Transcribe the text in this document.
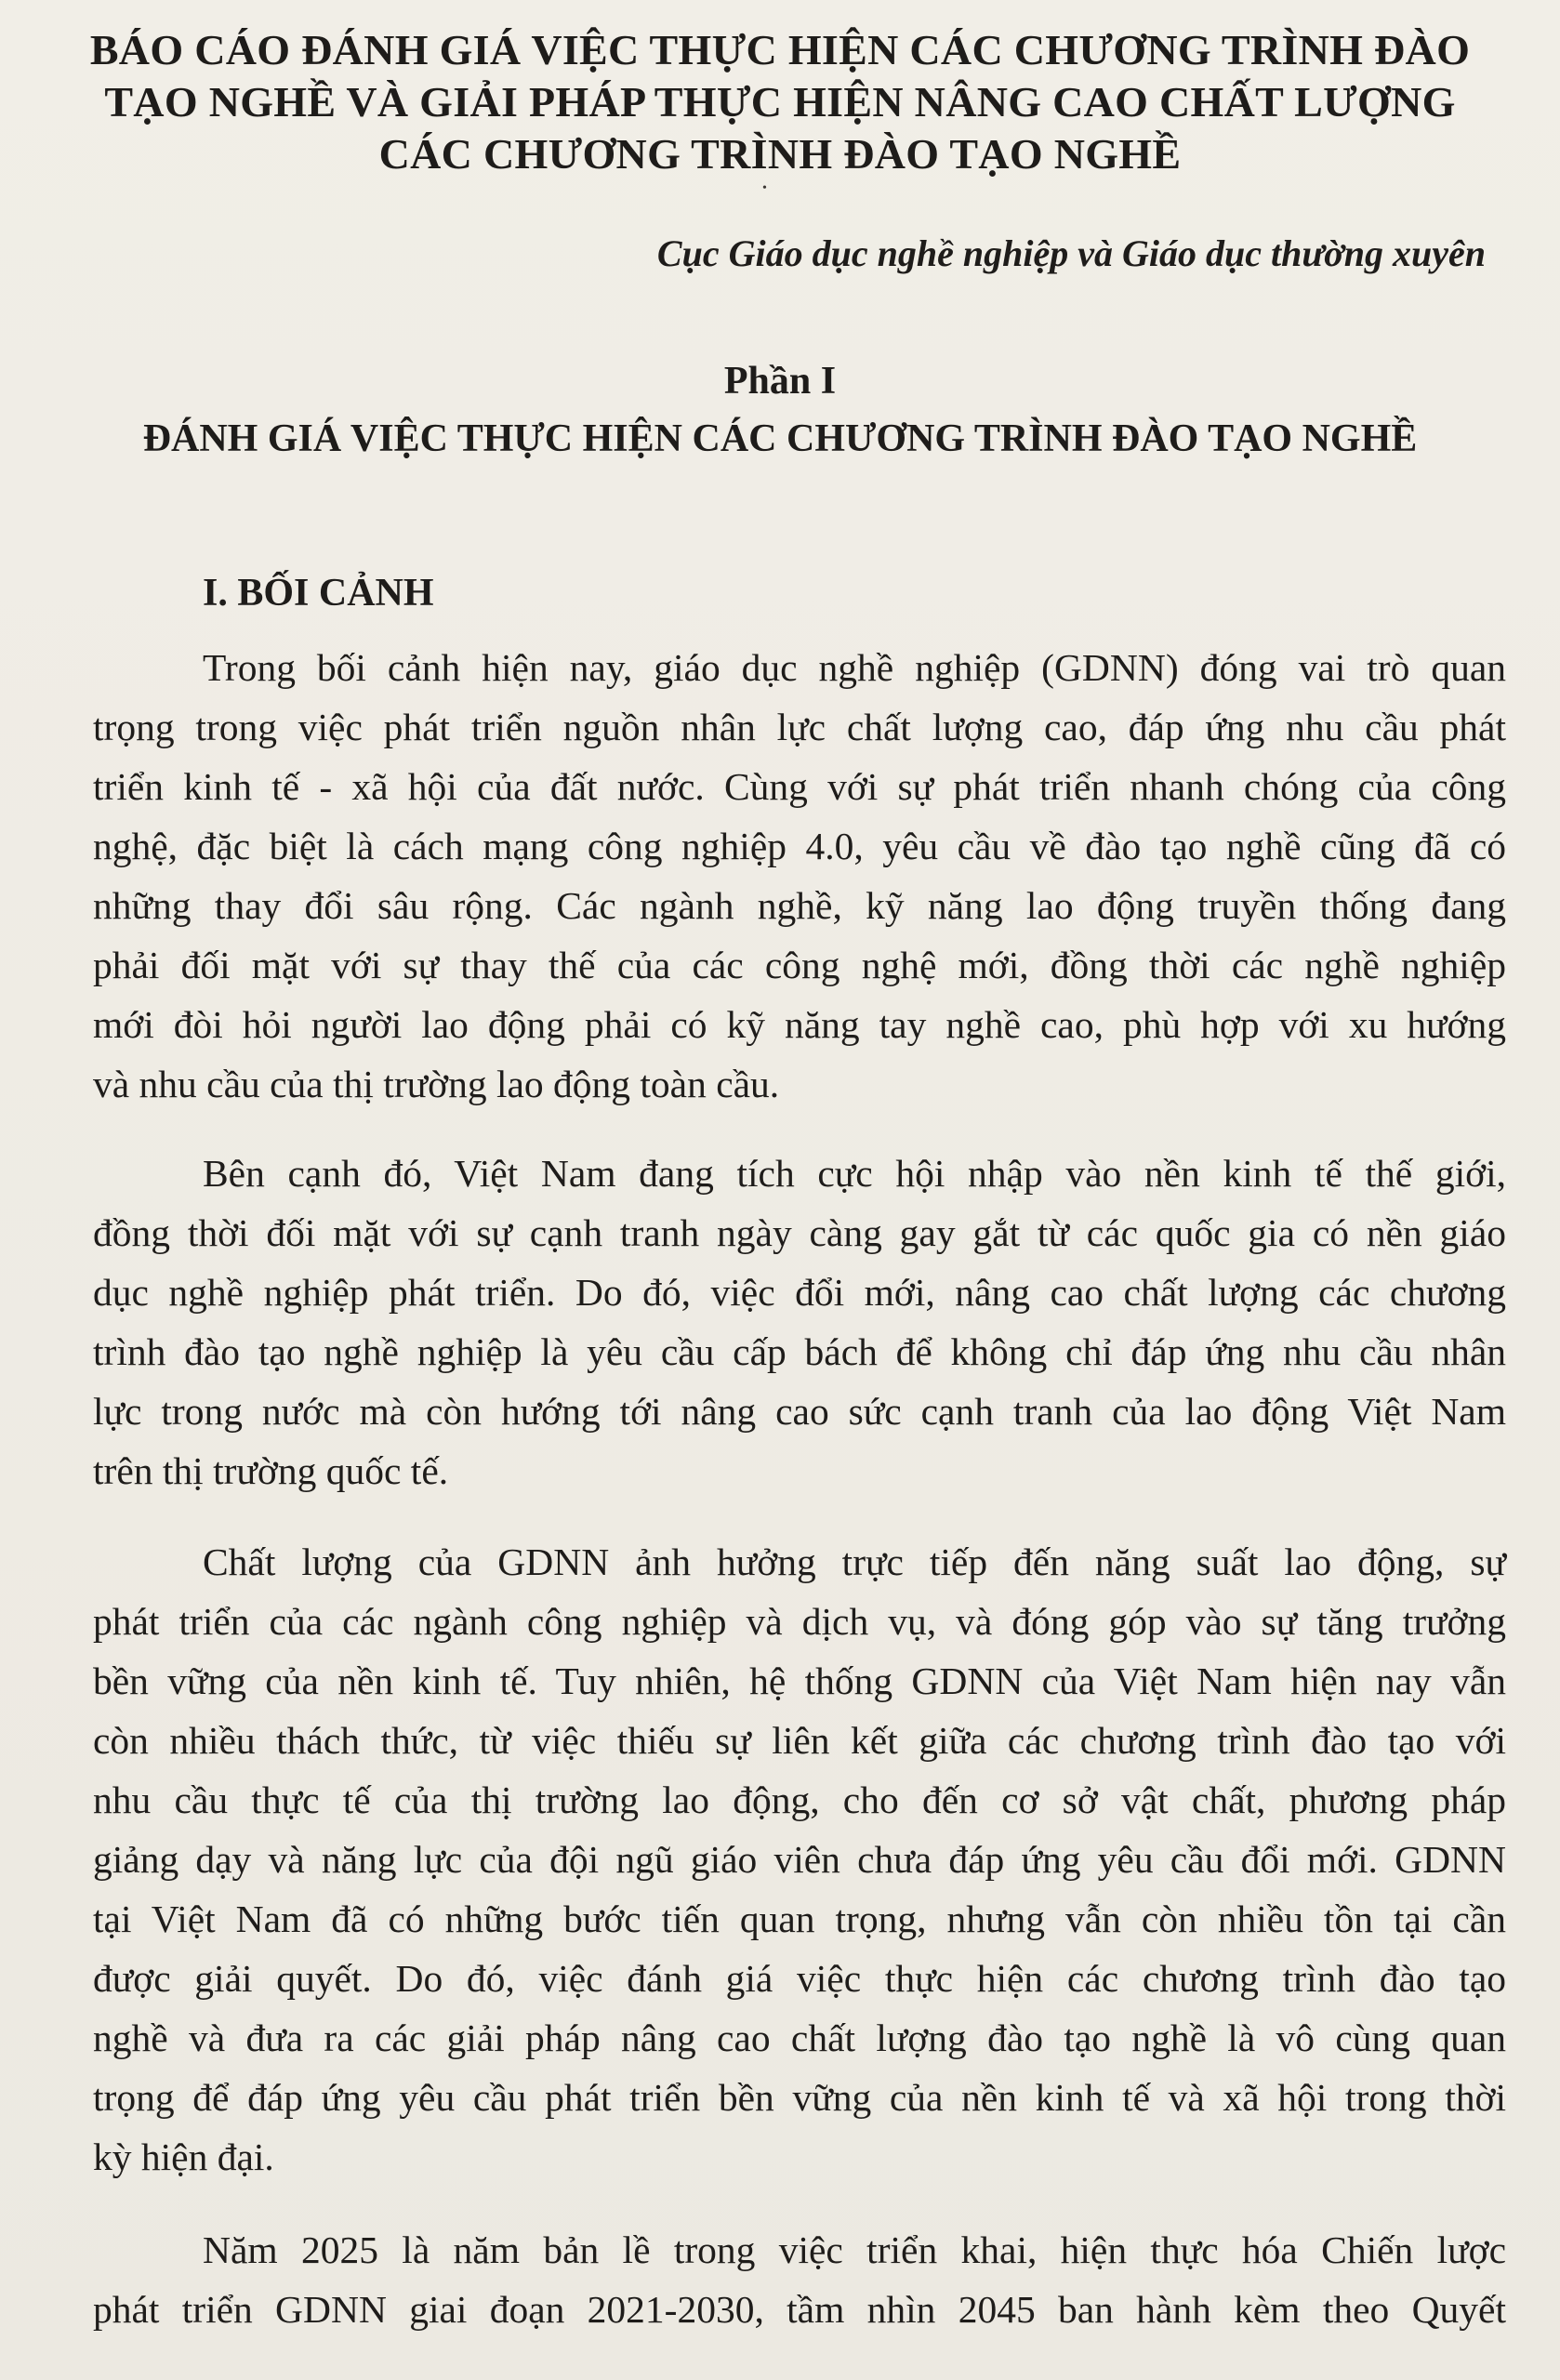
BÁO CÁO ĐÁNH GIÁ VIỆC THỰC HIỆN CÁC CHƯƠNG TRÌNH ĐÀO
TẠO NGHỀ VÀ GIẢI PHÁP THỰC HIỆN NÂNG CAO CHẤT LƯỢNG
CÁC CHƯƠNG TRÌNH ĐÀO TẠO NGHỀ
•
Cục Giáo dục nghề nghiệp và Giáo dục thường xuyên
Phần I
ĐÁNH GIÁ VIỆC THỰC HIỆN CÁC CHƯƠNG TRÌNH ĐÀO TẠO NGHỀ
I. BỐI CẢNH
Trong bối cảnh hiện nay, giáo dục nghề nghiệp (GDNN) đóng vai trò quan
trọng trong việc phát triển nguồn nhân lực chất lượng cao, đáp ứng nhu cầu phát
triển kinh tế - xã hội của đất nước. Cùng với sự phát triển nhanh chóng của công
nghệ, đặc biệt là cách mạng công nghiệp 4.0, yêu cầu về đào tạo nghề cũng đã có
những thay đổi sâu rộng. Các ngành nghề, kỹ năng lao động truyền thống đang
phải đối mặt với sự thay thế của các công nghệ mới, đồng thời các nghề nghiệp
mới đòi hỏi người lao động phải có kỹ năng tay nghề cao, phù hợp với xu hướng
và nhu cầu của thị trường lao động toàn cầu.
Bên cạnh đó, Việt Nam đang tích cực hội nhập vào nền kinh tế thế giới,
đồng thời đối mặt với sự cạnh tranh ngày càng gay gắt từ các quốc gia có nền giáo
dục nghề nghiệp phát triển. Do đó, việc đổi mới, nâng cao chất lượng các chương
trình đào tạo nghề nghiệp là yêu cầu cấp bách để không chỉ đáp ứng nhu cầu nhân
lực trong nước mà còn hướng tới nâng cao sức cạnh tranh của lao động Việt Nam
trên thị trường quốc tế.
Chất lượng của GDNN ảnh hưởng trực tiếp đến năng suất lao động, sự
phát triển của các ngành công nghiệp và dịch vụ, và đóng góp vào sự tăng trưởng
bền vững của nền kinh tế. Tuy nhiên, hệ thống GDNN của Việt Nam hiện nay vẫn
còn nhiều thách thức, từ việc thiếu sự liên kết giữa các chương trình đào tạo với
nhu cầu thực tế của thị trường lao động, cho đến cơ sở vật chất, phương pháp
giảng dạy và năng lực của đội ngũ giáo viên chưa đáp ứng yêu cầu đổi mới. GDNN
tại Việt Nam đã có những bước tiến quan trọng, nhưng vẫn còn nhiều tồn tại cần
được giải quyết. Do đó, việc đánh giá việc thực hiện các chương trình đào tạo
nghề và đưa ra các giải pháp nâng cao chất lượng đào tạo nghề là vô cùng quan
trọng để đáp ứng yêu cầu phát triển bền vững của nền kinh tế và xã hội trong thời
kỳ hiện đại.
Năm 2025 là năm bản lề trong việc triển khai, hiện thực hóa Chiến lược
phát triển GDNN giai đoạn 2021-2030, tầm nhìn 2045 ban hành kèm theo Quyết
